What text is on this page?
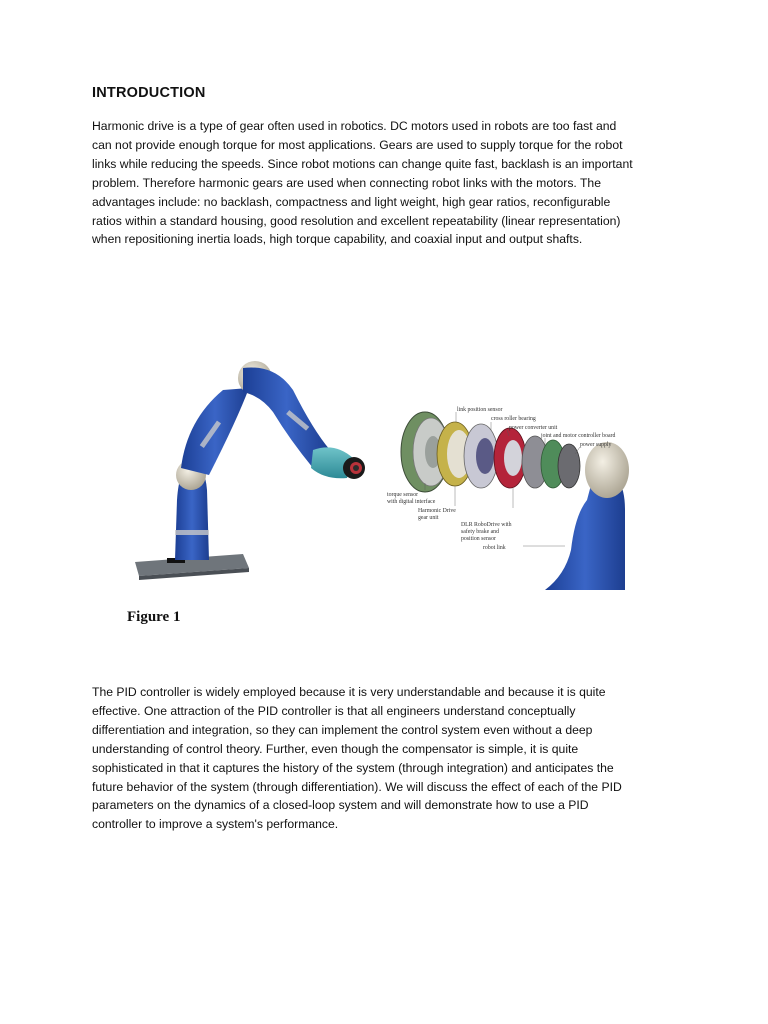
INTRODUCTION
Harmonic drive is a type of gear often used in robotics. DC motors used in robots are too fast and
can not provide enough torque for most applications. Gears are used to supply torque for the robot
links while reducing the speeds. Since robot motions can change quite fast, backlash is an important
problem. Therefore harmonic gears are used when connecting robot links with the motors. The
advantages include: no backlash, compactness and light weight, high gear ratios, reconfigurable
ratios within a standard housing, good resolution and excellent repeatability (linear representation)
when repositioning inertia loads, high torque capability, and coaxial input and output shafts.
link position sensor
cross roller bearing
power converter unit
joint and motor controller board
power supply
torque sensor
with digital interface
Harmonic Drive
gear unit
DLR RoboDrive with
safety brake and
position sensor
robot link
Figure 1
The PID controller is widely employed because it is very understandable and because it is quite
effective. One attraction of the PID controller is that all engineers understand conceptually
differentiation and integration, so they can implement the control system even without a deep
understanding of control theory. Further, even though the compensator is simple, it is quite
sophisticated in that it captures the history of the system (through integration) and anticipates the
future behavior of the system (through differentiation). We will discuss the effect of each of the PID
parameters on the dynamics of a closed-loop system and will demonstrate how to use a PID
controller to improve a system's performance.
